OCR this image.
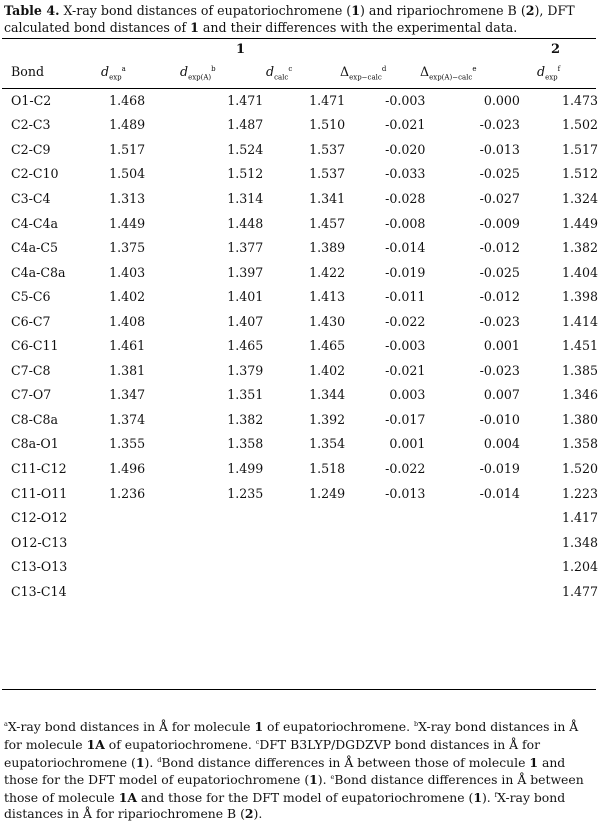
Table 4. X-ray bond distances of eupatoriochromene (1) and ripariochromene B (2), DFT calculated bond distances of 1 and their differences with the experimental data.
1	2
Bond	$d_{exp}^a$	$d_{exp(A)}^b$	$d_{calc}^c$	$\Delta_{exp-calc}^d$	$\Delta_{exp(A)-calc}^e$	$d_{exp}^f$
O1-C2	1.468	1.471	1.471	-0.003	0.000	1.473
C2-C3	1.489	1.487	1.510	-0.021	-0.023	1.502
C2-C9	1.517	1.524	1.537	-0.020	-0.013	1.517
C2-C10	1.504	1.512	1.537	-0.033	-0.025	1.512
C3-C4	1.313	1.314	1.341	-0.028	-0.027	1.324
C4-C4a	1.449	1.448	1.457	-0.008	-0.009	1.449
C4a-C5	1.375	1.377	1.389	-0.014	-0.012	1.382
C4a-C8a	1.403	1.397	1.422	-0.019	-0.025	1.404
C5-C6	1.402	1.401	1.413	-0.011	-0.012	1.398
C6-C7	1.408	1.407	1.430	-0.022	-0.023	1.414
C6-C11	1.461	1.465	1.465	-0.003	0.001	1.451
C7-C8	1.381	1.379	1.402	-0.021	-0.023	1.385
C7-O7	1.347	1.351	1.344	0.003	0.007	1.346
C8-C8a	1.374	1.382	1.392	-0.017	-0.010	1.380
C8a-O1	1.355	1.358	1.354	0.001	0.004	1.358
C11-C12	1.496	1.499	1.518	-0.022	-0.019	1.520
C11-O11	1.236	1.235	1.249	-0.013	-0.014	1.223
C12-O12						1.417
O12-C13						1.348
C13-O13						1.204
C13-C14						1.477
$^a$X-ray bond distances in Å for molecule 1 of eupatoriochromene. $^b$X-ray bond distances in Å for molecule 1A of eupatoriochromene. $^c$DFT B3LYP/DGDZVP bond distances in Å for eupatoriochromene (1). $^d$Bond distance differences in Å between those of molecule 1 and those for the DFT model of eupatoriochromene (1). $^e$Bond distance differences in Å between those of molecule 1A and those for the DFT model of eupatoriochromene (1). $^f$X-ray bond distances in Å for ripariochromene B (2).
